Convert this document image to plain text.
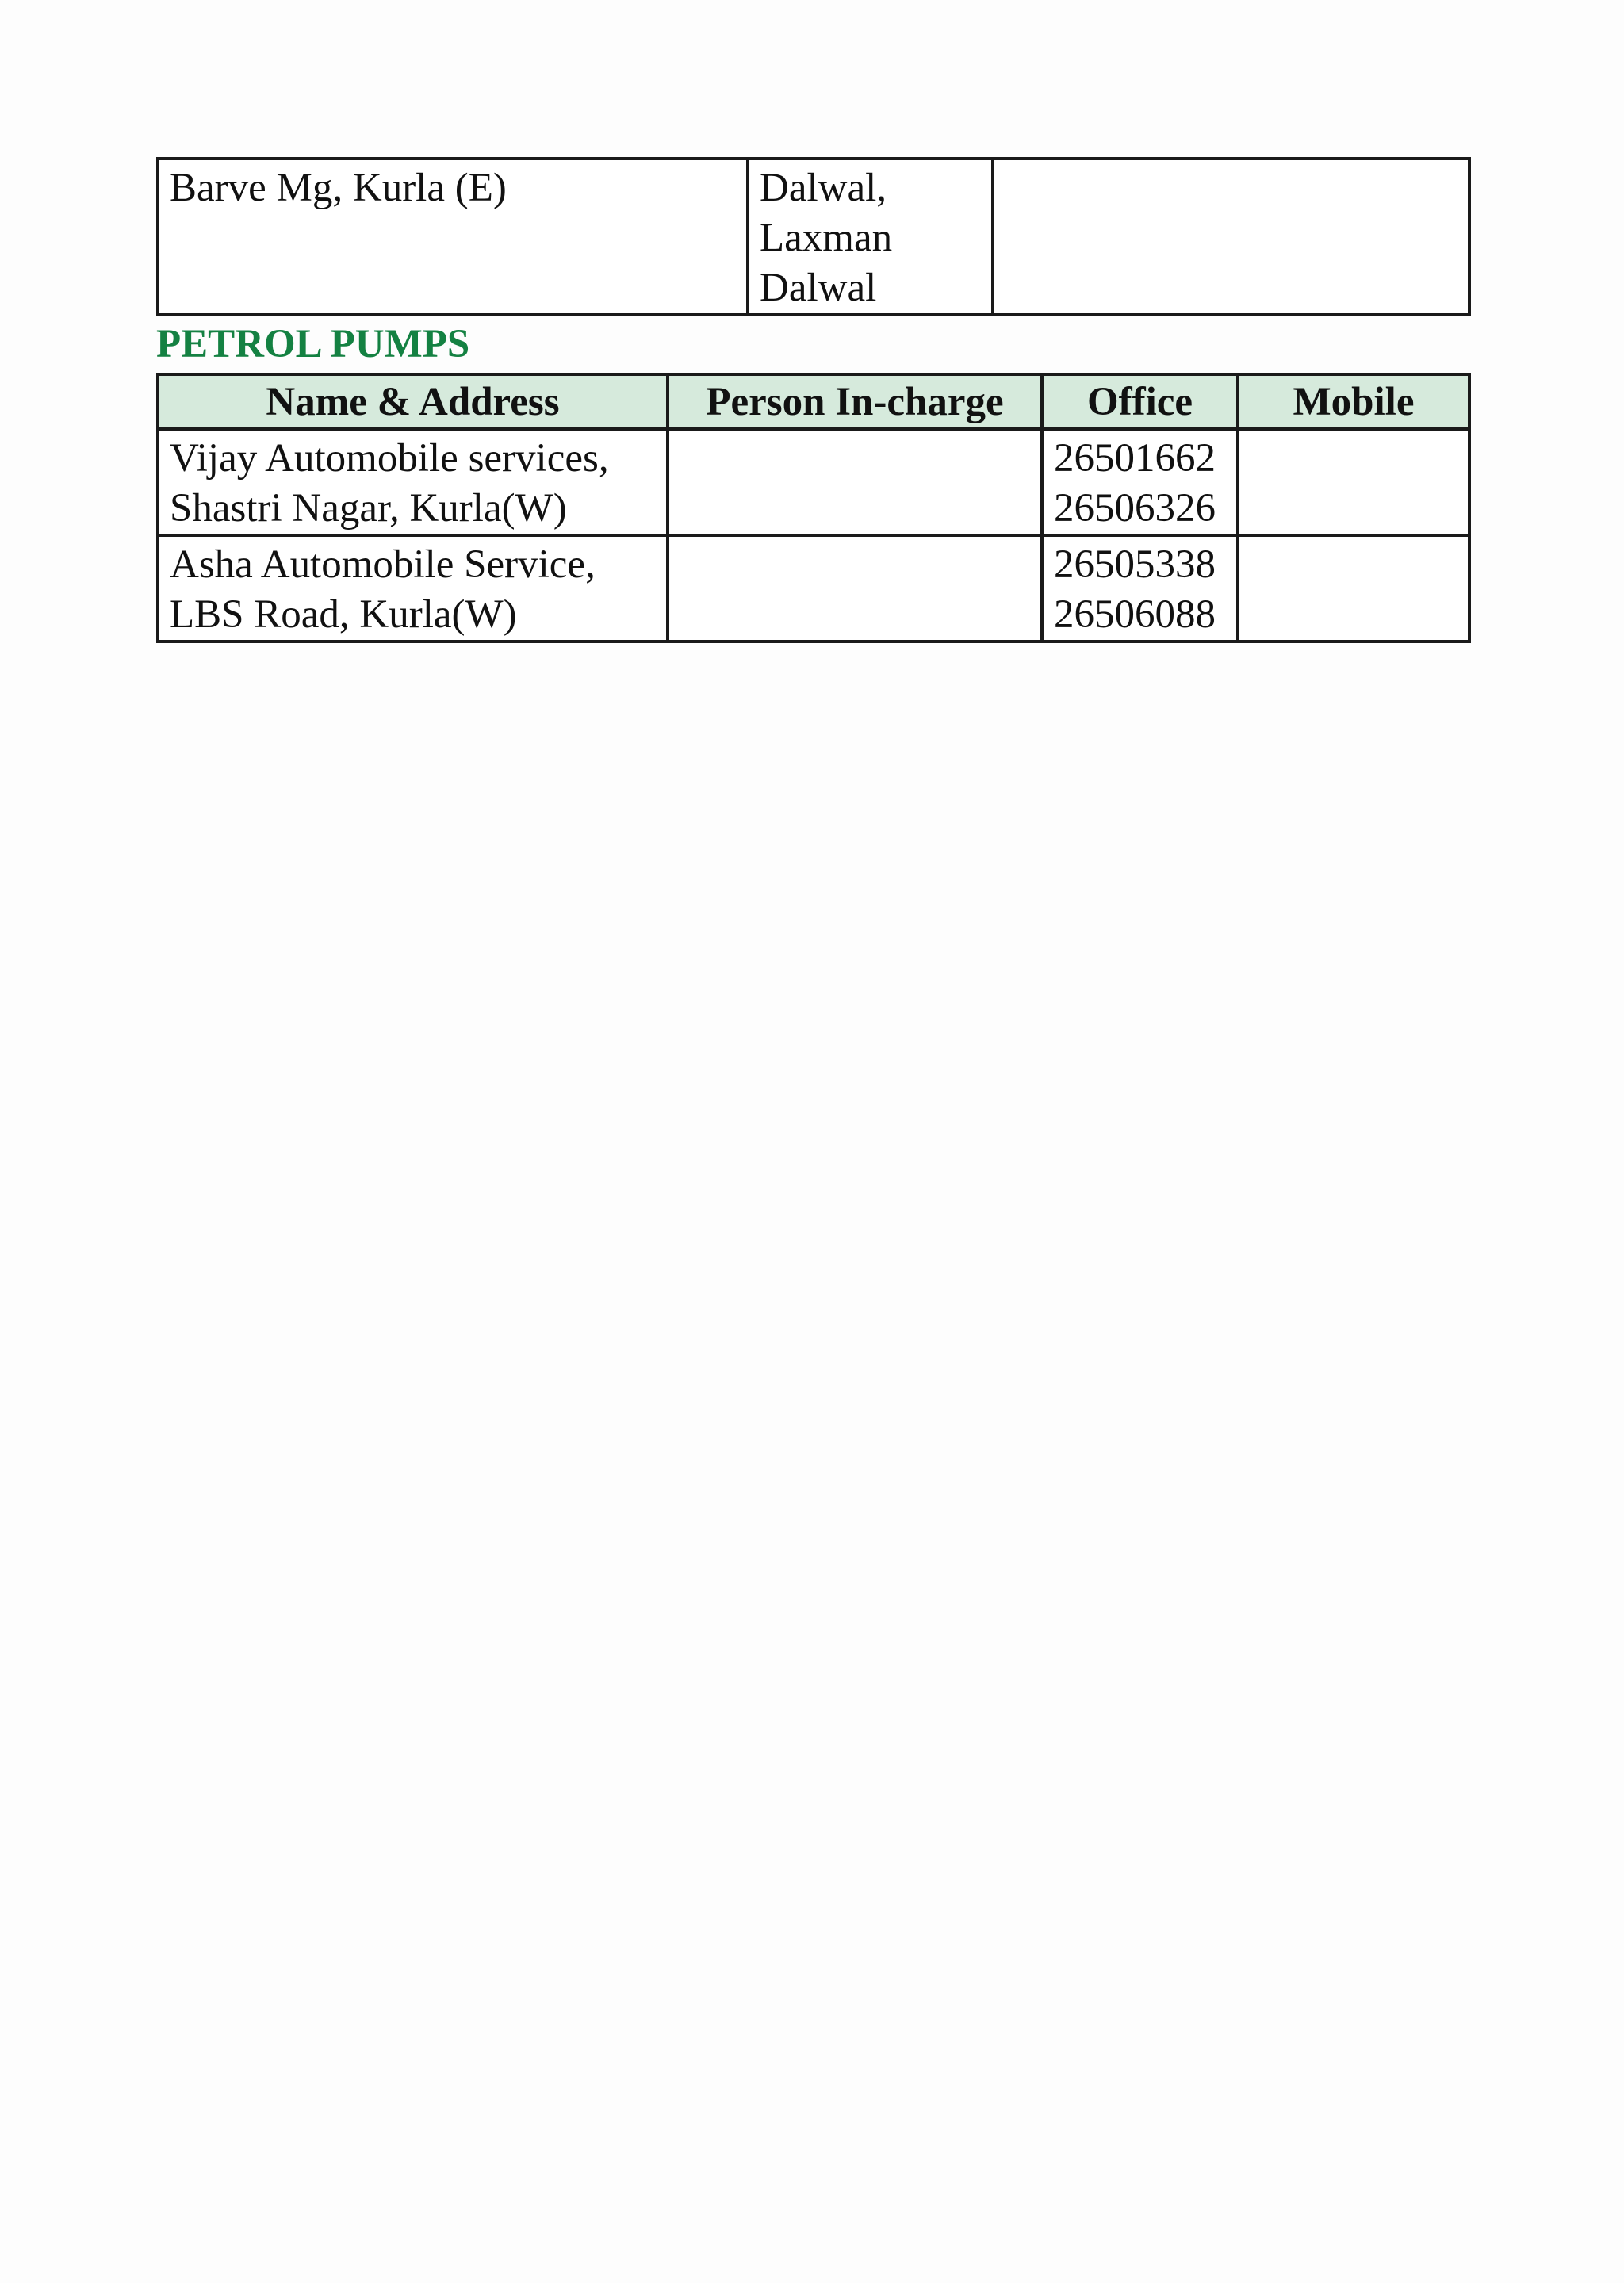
Barve Mg, Kurla (E)	Dalwal,
Laxman
Dalwal

PETROL PUMPS
Name & Address	Person In-charge	Office	Mobile

Vijay Automobile services,
Shastri Nagar, Kurla(W)		26501662
26506326	

Asha Automobile Service,
LBS Road, Kurla(W)		26505338
26506088	
